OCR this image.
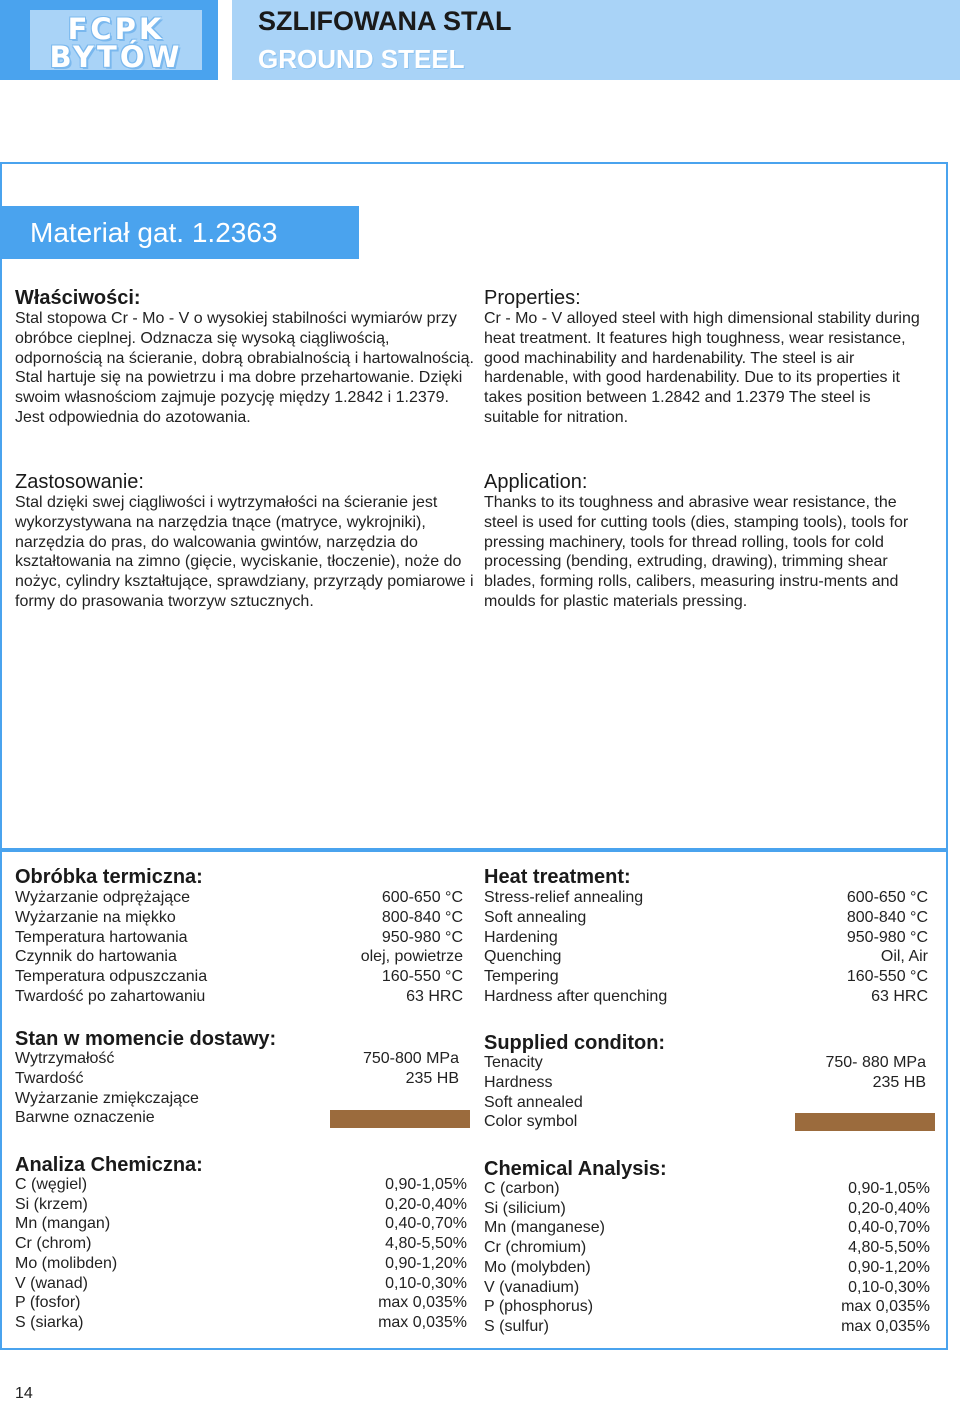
FCPK
BYTÓW
SZLIFOWANA STAL
GROUND STEEL
Materiał gat. 1.2363
Właściwości:

Stal stopowa Cr - Mo - V o wysokiej stabilności wymiarów przy obróbce cieplnej. Odznacza się wysoką ciągliwością, odpornością na ścieranie, dobrą obrabialnością i hartowalnością. Stal hartuje się na powietrzu i ma dobre przehartowanie. Dzięki swoim własnościom zajmuje pozycję między 1.2842 i 1.2379. Jest odpowiednia do azotowania.

Properties:

Cr - Mo - V alloyed steel with high dimensional stability during heat treatment. It features high toughness, wear resistance, good machinability and hardenability. The steel is air hardenable, with good hardenability. Due to its properties it takes position between 1.2842 and 1.2379 The steel is suitable for nitration.

Zastosowanie:

Stal dzięki swej ciągliwości i wytrzymałości na ścieranie jest wykorzystywana na narzędzia tnące (matryce, wykrojniki), narzędzia do pras, do walcowania gwintów, narzędzia do kształtowania na zimno (gięcie, wyciskanie, tłoczenie), noże do nożyc, cylindry kształtujące, sprawdziany, przyrządy pomiarowe i formy do prasowania tworzyw sztucznych.

Application:

Thanks to its toughness and abrasive wear resistance, the steel is used for cutting tools (dies, stamping tools), tools for pressing machinery, tools for thread rolling, tools for cold processing (bending, extruding, drawing), trimming shear blades, forming rolls, calibers, measuring instru-ments and moulds for plastic materials pressing.

Obróbka termiczna:	Heat treatment:
Wyżarzanie odprężające	600-650 °C
Wyżarzanie na miękko	800-840 °C
Temperatura hartowania	950-980 °C
Czynnik do hartowania	olej, powietrze
Temperatura odpuszczania	160-550 °C
Twardość po zahartowaniu	63 HRC
Stress-relief annealing	600-650 °C
Soft annealing	800-840 °C
Hardening	950-980 °C
Quenching	Oil, Air
Tempering	160-550 °C
Hardness after quenching	63 HRC
Stan w momencie dostawy:	Supplied conditon:
Wytrzymałość	750-800 MPa
Twardość	235 HB
Wyżarzanie zmiękczające
Barwne oznaczenie
Tenacity	750- 880 MPa
Hardness	235 HB
Soft annealed
Color symbol
Analiza Chemiczna:	Chemical Analysis:
C (węgiel)	0,90-1,05%
Si (krzem)	0,20-0,40%
Mn (mangan)	0,40-0,70%
Cr (chrom)	4,80-5,50%
Mo (molibden)	0,90-1,20%
V (wanad)	0,10-0,30%
P (fosfor)	max 0,035%
S (siarka)	max 0,035%
C (carbon)	0,90-1,05%
Si (silicium)	0,20-0,40%
Mn (manganese)	0,40-0,70%
Cr (chromium)	4,80-5,50%
Mo (molybden)	0,90-1,20%
V (vanadium)	0,10-0,30%
P (phosphorus)	max 0,035%
S (sulfur)	max 0,035%
14
